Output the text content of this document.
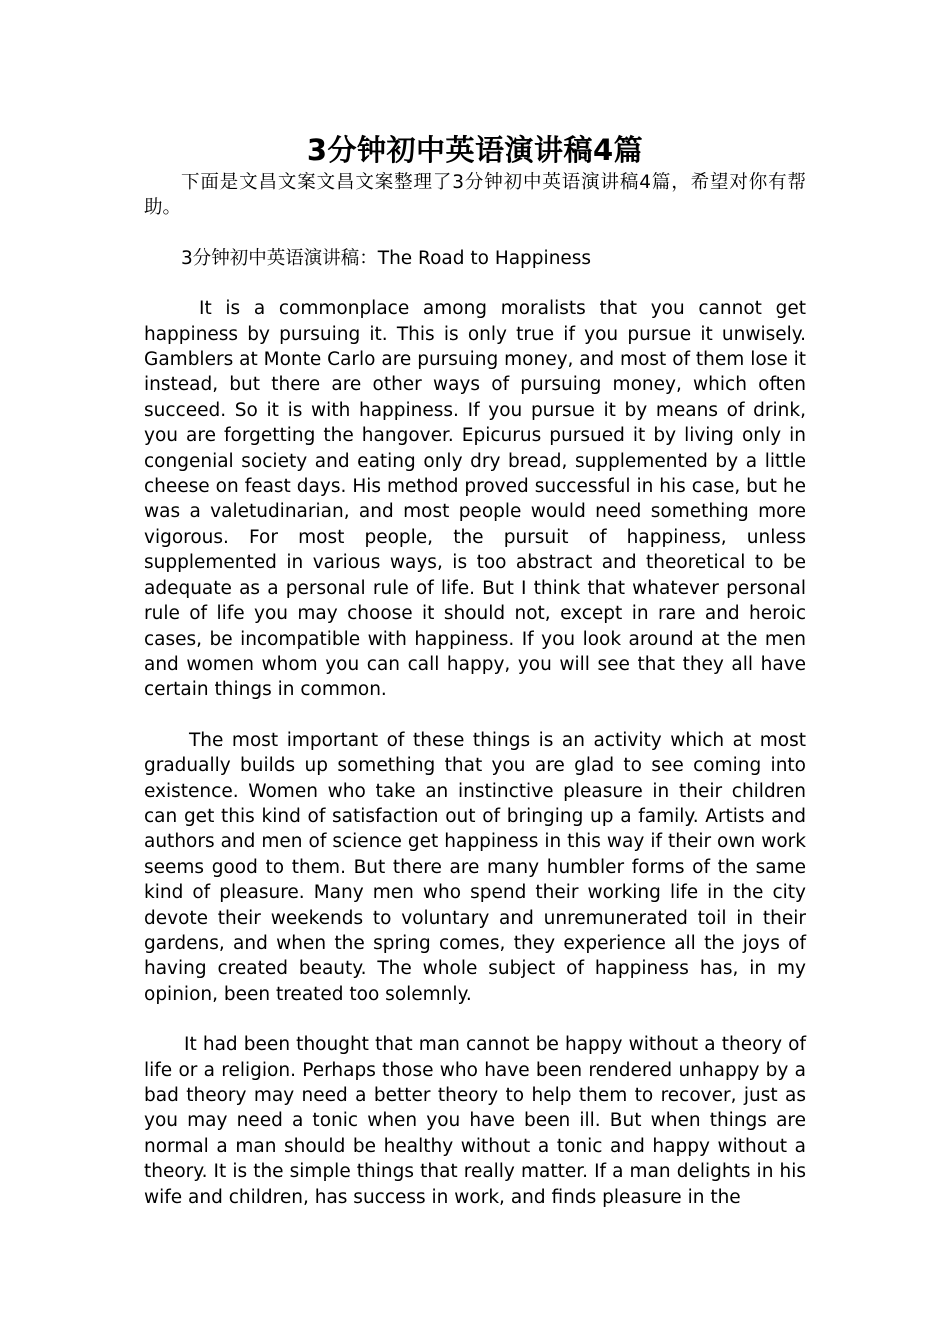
3分钟初中英语演讲稿4篇

下面是文昌文案文昌文案整理了3分钟初中英语演讲稿4篇，希望对你有帮助。

3分钟初中英语演讲稿：The Road to Happiness

It is a commonplace among moralists that you cannot get happiness by pursuing it. This is only true if you pursue it unwisely. Gamblers at Monte Carlo are pursuing money, and most of them lose it instead, but there are other ways of pursuing money, which often succeed. So it is with happiness. If you pursue it by means of drink, you are forgetting the hangover. Epicurus pursued it by living only in congenial society and eating only dry bread, supplemented by a little cheese on feast days. His method proved successful in his case, but he was a valetudinarian, and most people would need something more vigorous. For most people, the pursuit of happiness, unless supplemented in various ways, is too abstract and theoretical to be adequate as a personal rule of life. But I think that whatever personal rule of life you may choose it should not, except in rare and heroic cases, be incompatible with happiness. If you look around at the men and women whom you can call happy, you will see that they all have certain things in common.

The most important of these things is an activity which at most gradually builds up something that you are glad to see coming into existence. Women who take an instinctive pleasure in their children can get this kind of satisfaction out of bringing up a family. Artists and authors and men of science get happiness in this way if their own work seems good to them. But there are many humbler forms of the same kind of pleasure. Many men who spend their working life in the city devote their weekends to voluntary and unremunerated toil in their gardens, and when the spring comes, they experience all the joys of having created beauty. The whole subject of happiness has, in my opinion, been treated too solemnly.

It had been thought that man cannot be happy without a theory of life or a religion. Perhaps those who have been rendered unhappy by a bad theory may need a better theory to help them to recover, just as you may need a tonic when you have been ill. But when things are normal a man should be healthy without a tonic and happy without a theory. It is the simple things that really matter. If a man delights in his wife and children, has success in work, and finds pleasure in the
